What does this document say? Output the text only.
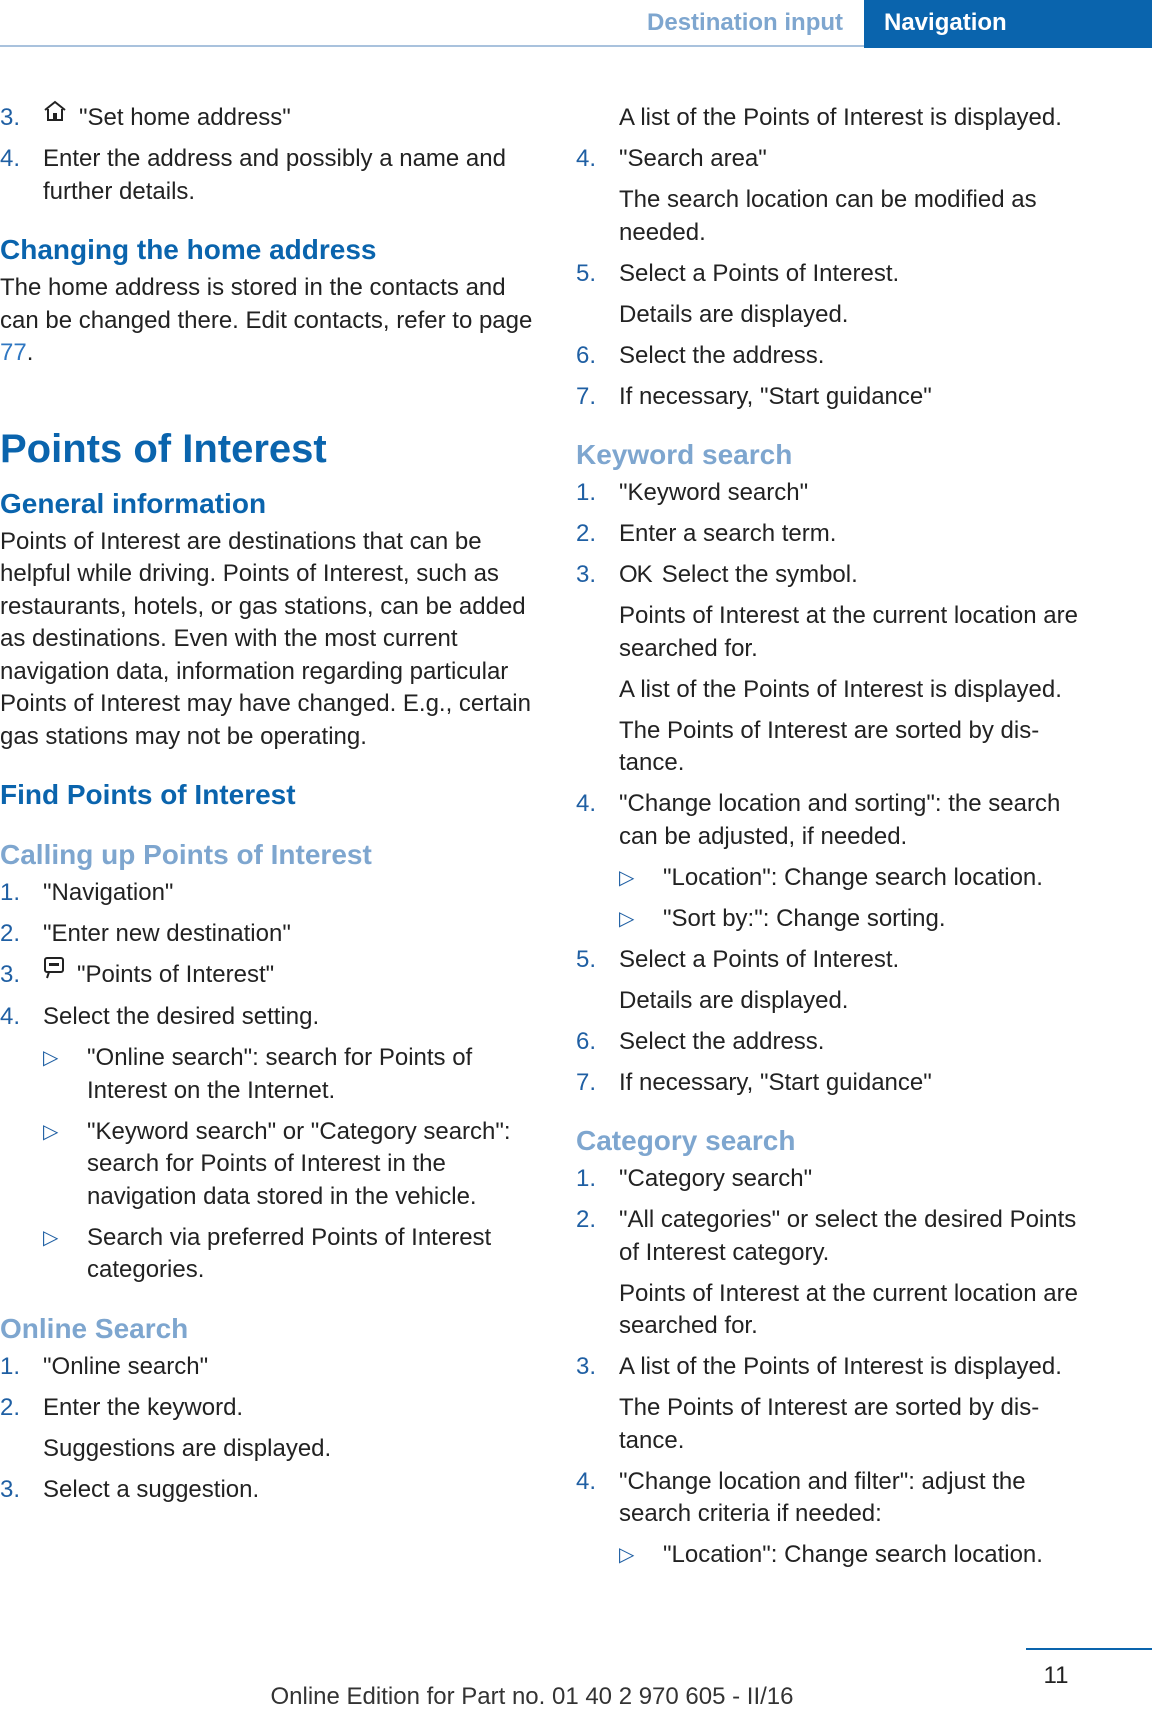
Destination input	Navigation
3. "Set home address"
4. Enter the address and possibly a name and further details.
Changing the home address

The home address is stored in the contacts and can be changed there. Edit contacts, refer to page 77.

Points of Interest
General information

Points of Interest are destinations that can be helpful while driving. Points of Interest, such as restaurants, hotels, or gas stations, can be added as destinations. Even with the most current navigation data, information regarding particular Points of Interest may have changed. E.g., certain gas stations may not be operating.

Find Points of Interest
Calling up Points of Interest
1. "Navigation"
2. "Enter new destination"
3. "Points of Interest"
4. Select the desired setting.
▷ "Online search": search for Points of Interest on the Internet.
▷ "Keyword search" or "Category search": search for Points of Interest in the navigation data stored in the vehicle.
▷ Search via preferred Points of Interest categories.
Online Search
1. "Online search"
2. Enter the keyword.
Suggestions are displayed.
3. Select a suggestion.
A list of the Points of Interest is displayed.
4. "Search area"
The search location can be modified as needed.
5. Select a Points of Interest.
Details are displayed.
6. Select the address.
7. If necessary, "Start guidance"
Keyword search
1. "Keyword search"
2. Enter a search term.
3. OK Select the symbol.
Points of Interest at the current location are searched for.
A list of the Points of Interest is displayed.
The Points of Interest are sorted by distance.
4. "Change location and sorting": the search can be adjusted, if needed.
▷ "Location": Change search location.
▷ "Sort by:": Change sorting.
5. Select a Points of Interest.
Details are displayed.
6. Select the address.
7. If necessary, "Start guidance"
Category search
1. "Category search"
2. "All categories" or select the desired Points of Interest category.
Points of Interest at the current location are searched for.
3. A list of the Points of Interest is displayed.
The Points of Interest are sorted by distance.
4. "Change location and filter": adjust the search criteria if needed:
▷ "Location": Change search location.
11
Online Edition for Part no. 01 40 2 970 605 - II/16
